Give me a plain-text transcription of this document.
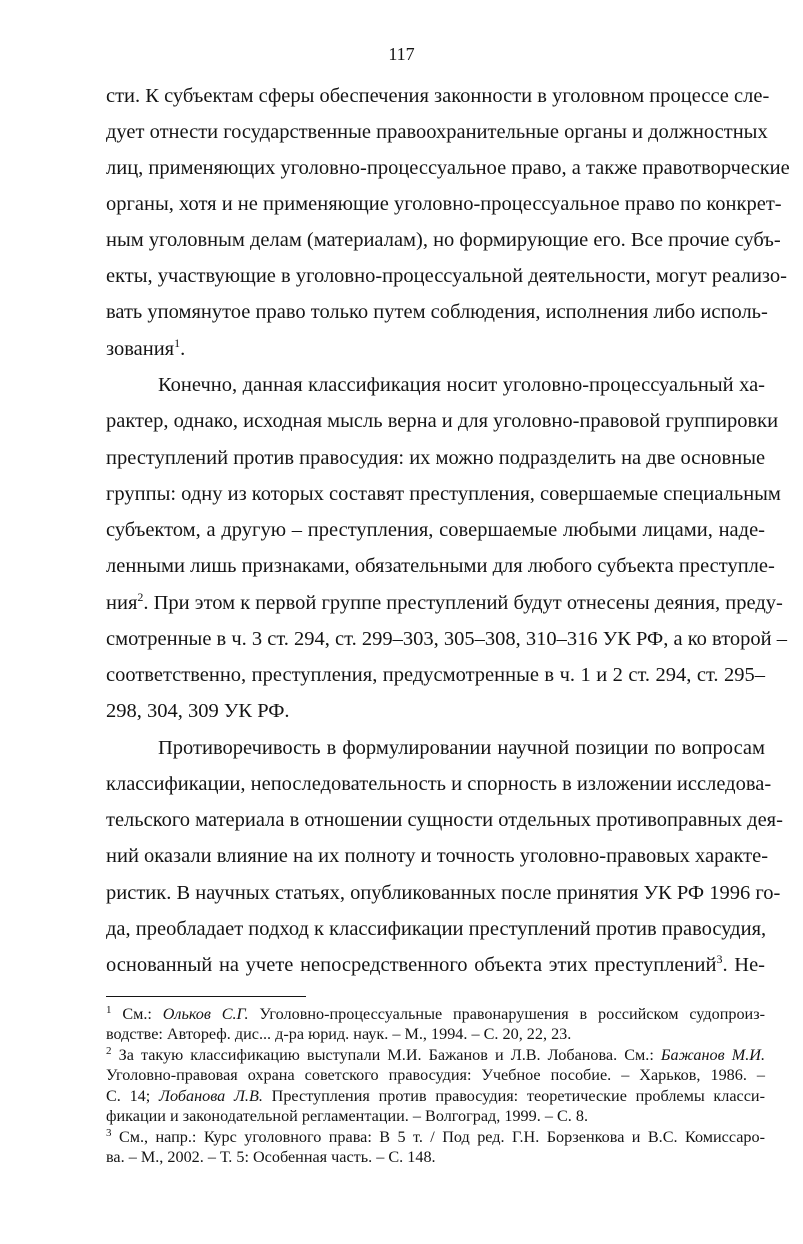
117
сти. К субъектам сферы обеспечения законности в уголовном процессе сле-
дует отнести государственные правоохранительные органы и должностных
лиц, применяющих уголовно-процессуальное право, а также правотворческие
органы, хотя и не применяющие уголовно-процессуальное право по конкрет-
ным уголовным делам (материалам), но формирующие его. Все прочие субъ-
екты, участвующие в уголовно-процессуальной деятельности, могут реализо-
вать упомянутое право только путем соблюдения, исполнения либо исполь-
зования$^1$.
Конечно, данная классификация носит уголовно-процессуальный ха-
рактер, однако, исходная мысль верна и для уголовно-правовой группировки
преступлений против правосудия: их можно подразделить на две основные
группы: одну из которых составят преступления, совершаемые специальным
субъектом, а другую – преступления, совершаемые любыми лицами, наде-
ленными лишь признаками, обязательными для любого субъекта преступле-
ния$^2$. При этом к первой группе преступлений будут отнесены деяния, преду-
смотренные в ч. 3 ст. 294, ст. 299–303, 305–308, 310–316 УК РФ, а ко второй –
соответственно, преступления, предусмотренные в ч. 1 и 2 ст. 294, ст. 295–
298, 304, 309 УК РФ.
Противоречивость в формулировании научной позиции по вопросам
классификации, непоследовательность и спорность в изложении исследова-
тельского материала в отношении сущности отдельных противоправных дея-
ний оказали влияние на их полноту и точность уголовно-правовых характе-
ристик. В научных статьях, опубликованных после принятия УК РФ 1996 го-
да, преобладает подход к классификации преступлений против правосудия,
основанный на учете непосредственного объекта этих преступлений$^3$. Не-
$^1$ См.: Ольков С.Г. Уголовно-процессуальные правонарушения в российском судопроиз-
водстве: Автореф. дис... д-ра юрид. наук. – М., 1994. – С. 20, 22, 23.
$^2$ За такую классификацию выступали М.И. Бажанов и Л.В. Лобанова. См.: Бажанов М.И.
Уголовно-правовая охрана советского правосудия: Учебное пособие. – Харьков, 1986. –
С. 14; Лобанова Л.В. Преступления против правосудия: теоретические проблемы класси-
фикации и законодательной регламентации. – Волгоград, 1999. – С. 8.
$^3$ См., напр.: Курс уголовного права: В 5 т. / Под ред. Г.Н. Борзенкова и В.С. Комиссаро-
ва. – М., 2002. – Т. 5: Особенная часть. – С. 148.
